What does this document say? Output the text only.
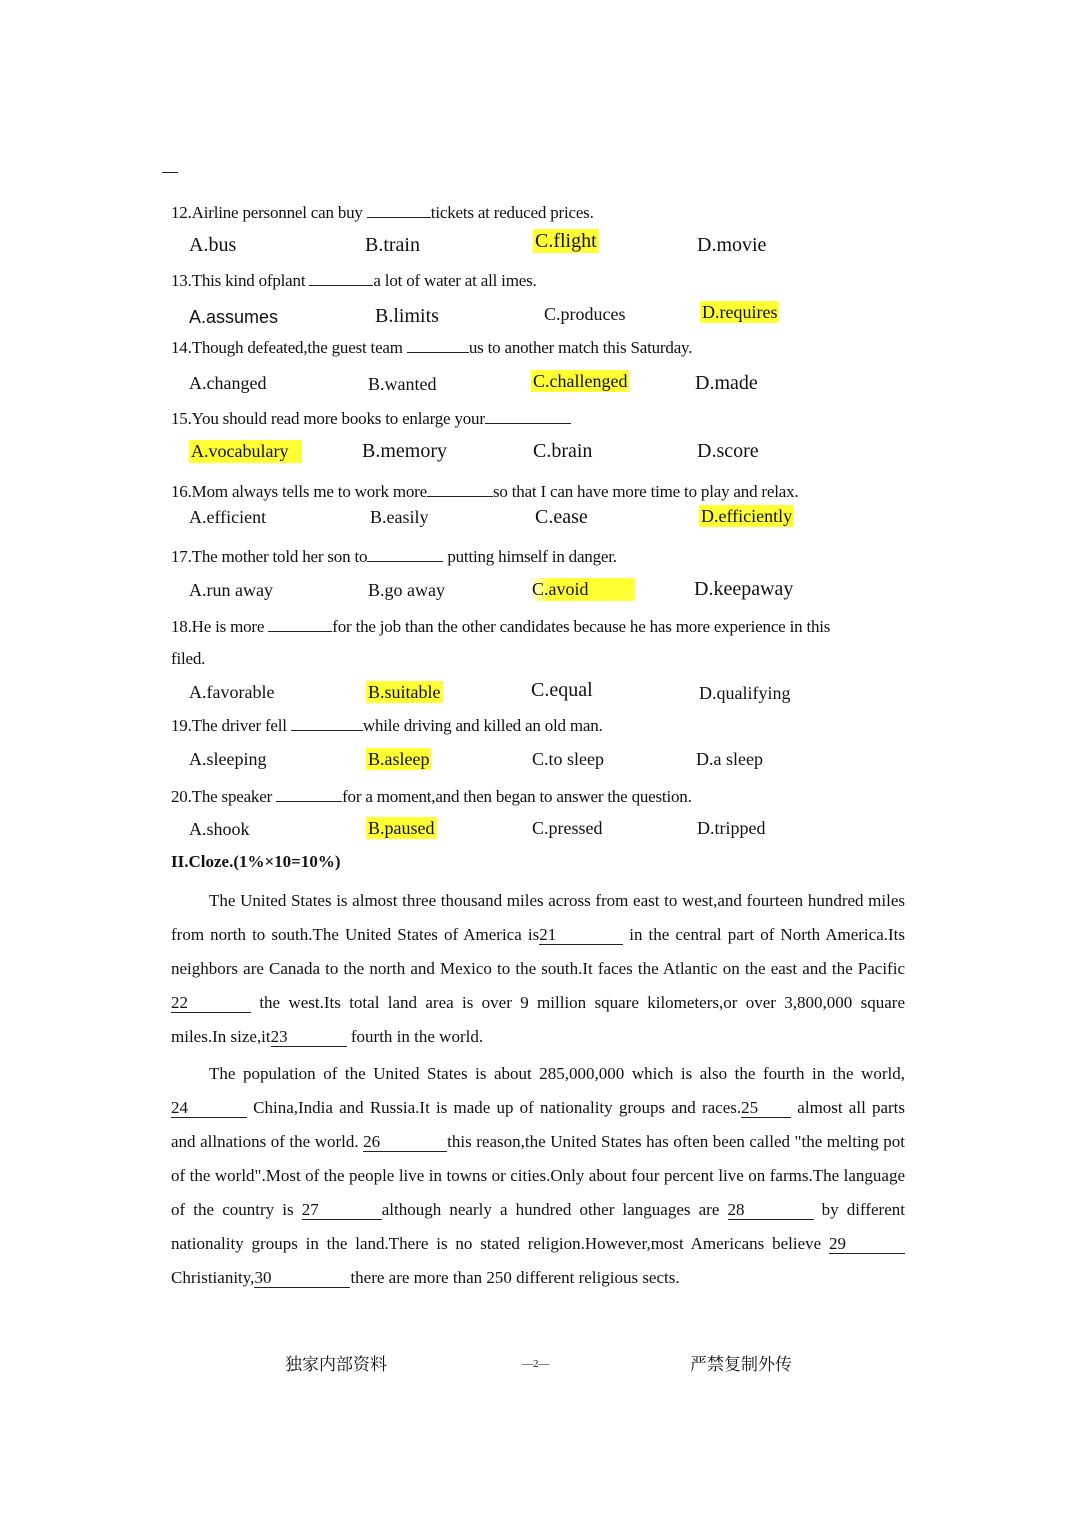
12.Airline personnel can buy	tickets at reduced prices.
A.bus	B.train	C.flight	D.movie
13.This kind ofplant	a lot of water at all imes.
A.assumes	B.limits	C.produces	D.requires
14.Though defeated,the guest team	us to another match this Saturday.
A.changed	B.wanted	C.challenged	D.made
15.You should read more books to enlarge your
A.vocabulary	B.memory	C.brain	D.score
16.Mom always tells me to work more	so that I can have more time to play and relax.
A.efficient	B.easily	C.ease	D.efficiently
17.The mother told her son to	putting himself in danger.
A.run away	B.go away	C.avoid	D.keepaway
18.He is more	for the job than the other candidates because he has more experience in this
filed.
A.favorable	B.suitable	C.equal	D.qualifying
19.The driver fell	while driving and killed an old man.
A.sleeping	B.asleep	C.to sleep	D.a sleep
20.The speaker	for a moment,and then began to answer the question.
A.shook	B.paused	C.pressed	D.tripped
II.Cloze.(1%×10=10%)
The United States is almost three thousand miles across from east to west,and fourteen hundred miles from north to south.The United States of America is21	in the central part of North America.Its neighbors are Canada to the north and Mexico to the south.It faces the Atlantic on the east and the Pacific 22	the west.Its total land area is over 9 million square kilometers,or over 3,800,000 square miles.In size,it23	fourth in the world.
The population of the United States is about 285,000,000 which is also the fourth in the world, 24	China,India and Russia.It is made up of nationality groups and races.25 almost all parts and allnations of the world. 26	this reason,the United States has often been called "the melting pot of the world".Most of the people live in towns or cities.Only about four percent live on farms.The language of the country is 27	although nearly a hundred other languages are 28	by different nationality groups in the land.There is no stated religion.However,most Americans believe 29 Christianity,30	there are more than 250 different religious sects.
独家内部资料	—2—	严禁复制外传
